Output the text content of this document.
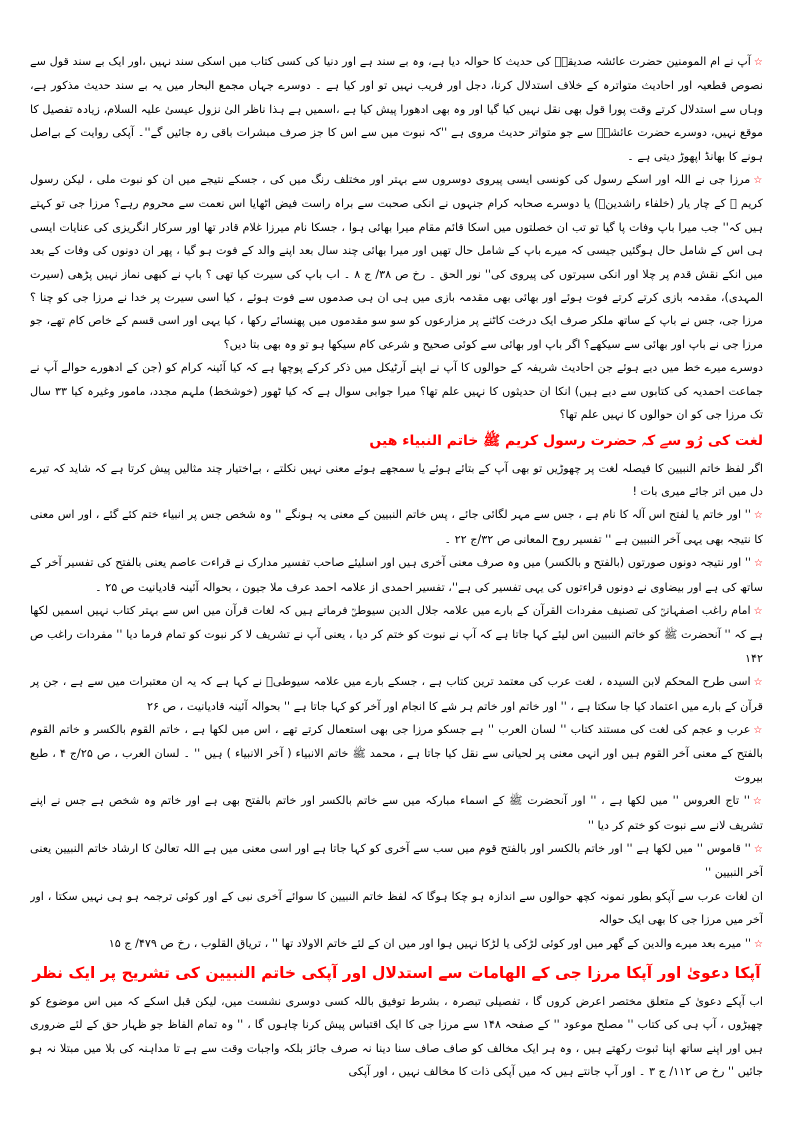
☆آپ نے ام المومنین حضرت عائشہ صدیقہؓ کی حدیث کا حوالہ دیا ہے، وہ بے سند ہے اور دنیا کی کسی کتاب میں اسکی سند نہیں ،اور ایک بے سند قول سے نصوص قطعیہ اور احادیث متواترہ کے خلاف استدلال کرنا، دجل اور فریب نہیں تو اور کیا ہے ۔ دوسرے جہاں مجمع البحار میں یہ بے سند حدیث مذکور ہے، وہاں سے استدلال کرتے وقت پورا قول بھی نقل نہیں کیا گیا اور وہ بھی ادھورا پیش کیا ہے ،اسمیں ہے ہذا ناظر الیٰ نزول عیسیٰ علیہ السلام، زیادہ تفصیل کا موقع نہیں، دوسرے حضرت عائشہؓ سے جو متواتر حدیث مروی ہے ''کہ نبوت میں سے اس کا جز صرف مبشرات باقی رہ جائیں گے''۔ آپکی روایت کے بےاصل ہونے کا بھانڈ اپھوڑ دیتی ہے ۔

☆مرزا جی نے اللہ اور اسکے رسول کی کونسی ایسی پیروی دوسروں سے بہتر اور مختلف رنگ میں کی ، جسکے نتیجے میں ان کو نبوت ملی ، لیکن رسول کریم ﷺ کے چار یار (خلفاء راشدینؓ) یا دوسرے صحابہ کرام جنہوں نے انکی صحبت سے براہ راست فیض اٹھایا اس نعمت سے محروم رہے؟ مرزا جی تو کہتے ہیں کہ'' جب میرا باپ وفات پا گیا تو تب ان خصلتوں میں اسکا قائم مقام میرا بھائی ہوا ، جسکا نام میرزا غلام قادر تھا اور سرکار انگریزی کی عنایات ایسی ہی اس کے شامل حال ہوگئیں جیسی کہ میرے باپ کے شامل حال تھیں اور میرا بھائی چند سال بعد اپنے والد کے فوت ہو گیا ، پھر ان دونوں کی وفات کے بعد میں انکے نقش قدم پر چلا اور انکی سیرتوں کی پیروی کی'' نور الحق ۔ رخ ص ۳۸/ ج ۸ ۔ اب باپ کی سیرت کیا تھی ؟ باپ نے کبھی نماز نہیں پڑھی (سیرت المہدی)، مقدمہ بازی کرتے کرتے فوت ہوئے اور بھائی بھی مقدمہ بازی میں ہی ان ہی صدموں سے فوت ہوئے ، کیا اسی سیرت پر خدا نے مرزا جی کو چنا ؟ مرزا جی، جس نے باپ کے ساتھ ملکر صرف ایک درخت کاٹنے پر مزارعوں کو سو سو مقدموں میں پھنسائے رکھا ، کیا یہی اور اسی قسم کے خاص کام تھے، جو مرزا جی نے باپ اور بھائی سے سیکھے؟ اگر باپ اور بھائی سے کوئی صحیح و شرعی کام سیکھا ہو تو وہ بھی بتا دیں؟

دوسرے میرے خط میں دیے ہوئے جن احادیث شریفہ کے حوالوں کا آپ نے اپنے آرٹیکل میں ذکر کرکے پوچھا ہے کہ کیا آئینہ کرام کو (جن کے ادھورے حوالے آپ نے جماعت احمدیہ کی کتابوں سے دیے ہیں) انکا ان حدیثوں کا نہیں علم تھا؟ میرا جوابی سوال ہے کہ کیا ٹھور (خوشخط) ملہم مجدد، مامور وغیرہ کیا ۳۳ سال تک مرزا جی کو ان حوالوں کا نہیں علم تھا؟

لغت کی رُو سے کہ حضرت رسول کریم ﷺ خاتم النبیاء ھیں

اگر لفظ خاتم النبیین کا فیصلہ لغت پر چھوڑیں تو بھی آپ کے بتائے ہوئے یا سمجھے ہوئے معنی نہیں نکلتے ، بےاختیار چند مثالیں پیش کرتا ہے کہ شاید کہ تیرے دل میں اتر جائے میری بات !

☆'' اور خاتم یا لفتح اس آلہ کا نام ہے ، جس سے مہر لگائی جائے ، پس خاتم النبیین کے معنی یہ ہونگے '' وہ شخص جس پر انبیاء ختم کئے گئے ، اور اس معنی کا نتیجہ بھی یہی آخر النبیین ہے '' تفسیر روح المعانی ص ۳۲/ج ۲۲ ۔

☆'' اور نتیجہ دونوں صورتوں (بالفتح و بالکسر) میں وہ صرف معنی آخری ہیں اور اسلیئے صاحب تفسیر مدارک نے قراءت عاصم یعنی بالفتح کی تفسیر آخر کے ساتھ کی ہے اور بیضاوی نے دونوں قراءتوں کی یہی تفسیر کی ہے''، تفسیر احمدی از علامہ احمد عرف ملا جیون ، بحوالہ آئینہ قادیانیت ص ۲۵ ۔

☆امام راغب اصفہانیؒ کی تصنیف مفردات القرآن کے بارے میں علامہ جلال الدین سیوطیؒ فرماتے ہیں کہ لغات قرآن میں اس سے بہتر کتاب نہیں اسمیں لکھا ہے کہ '' آنحضرت ﷺ کو خاتم النبیین اس لیئے کہا جاتا ہے کہ آپ نے نبوت کو ختم کر دیا ، یعنی آپ نے تشریف لا کر نبوت کو تمام فرما دیا '' مفردات راغب ص ۱۴۲

☆اسی طرح المحکم لابن السیدہ ، لغت عرب کی معتمد ترین کتاب ہے ، جسکے بارے میں علامہ سیوطیؒ نے کہا ہے کہ یہ ان معتبرات میں سے ہے ، جن پر قرآن کے بارے میں اعتماد کیا جا سکتا ہے ، '' اور خاتم اور خاتم ہر شے کا انجام اور آخر کو کہا جاتا ہے '' بحوالہ آئینہ قادیانیت ، ص ۲۶

☆عرب و عجم کی لغت کی مستند کتاب '' لسان العرب '' ہے جسکو مرزا جی بھی استعمال کرتے تھے ، اس میں لکھا ہے ، خاتم القوم بالکسر و خاتم القوم بالفتح کے معنی آخر القوم ہیں اور انہی معنی پر لحیانی سے نقل کیا جاتا ہے ، محمد ﷺ خاتم الانبیاء ( آخر الانبیاء ) ہیں '' ۔ لسان العرب ، ص ۲۵/ج ۴ ، طبع بیروت

☆'' تاج العروس '' میں لکھا ہے ، '' اور آنحضرت ﷺ کے اسماء مبارکہ میں سے خاتم بالکسر اور خاتم بالفتح بھی ہے اور خاتم وہ شخص ہے جس نے اپنے تشریف لانے سے نبوت کو ختم کر دیا ''

☆'' قاموس '' میں لکھا ہے '' اور خاتم بالکسر اور بالفتح قوم میں سب سے آخری کو کہا جاتا ہے اور اسی معنی میں ہے اللہ تعالیٰ کا ارشاد خاتم النبیین یعنی آخر النبیین ''

ان لغات عرب سے آپکو بطور نمونہ کچھ حوالوں سے اندازہ ہو چکا ہوگا کہ لفظ خاتم النبیین کا سوائے آخری نبی کے اور کوئی ترجمہ ہو ہی نہیں سکتا ، اور آخر میں مرزا جی کا بھی ایک حوالہ

☆'' میرے بعد میرے والدین کے گھر میں اور کوئی لڑکی یا لڑکا نہیں ہوا اور میں ان کے لئے خاتم الاولاد تھا '' ، تریاق القلوب ، رخ ص ۴۷۹/ ج ۱۵

آپکا دعویٰ اور آپکا مرزا جی کے الھامات سے استدلال اور آپکی خاتم النبیین کی تشریح پر ایک نظر

اب آپکے دعویٰ کے متعلق مختصر اعرض کروں گا ، تفصیلی تبصرہ ، بشرط توفیق باللہ کسی دوسری نشست میں، لیکن قبل اسکے کہ میں اس موضوع کو چھیڑوں ، آپ ہی کی کتاب '' مصلح موعود '' کے صفحہ ۱۴۸ سے مرزا جی کا ایک اقتباس پیش کرنا چاہوں گا ، '' وہ تمام الفاظ جو ظہار حق کے لئے ضروری ہیں اور اپنے ساتھ اپنا ثبوت رکھتے ہیں ، وہ ہر ایک مخالف کو صاف صاف سنا دینا نہ صرف جائز بلکہ واجبات وقت سے ہے تا مداہنہ کی بلا میں مبتلا نہ ہو جائیں '' رخ ص ۱۱۲/ ج ۳ ۔ اور آپ جانتے ہیں کہ میں آپکی ذات کا مخالف نہیں ، اور آپکی
